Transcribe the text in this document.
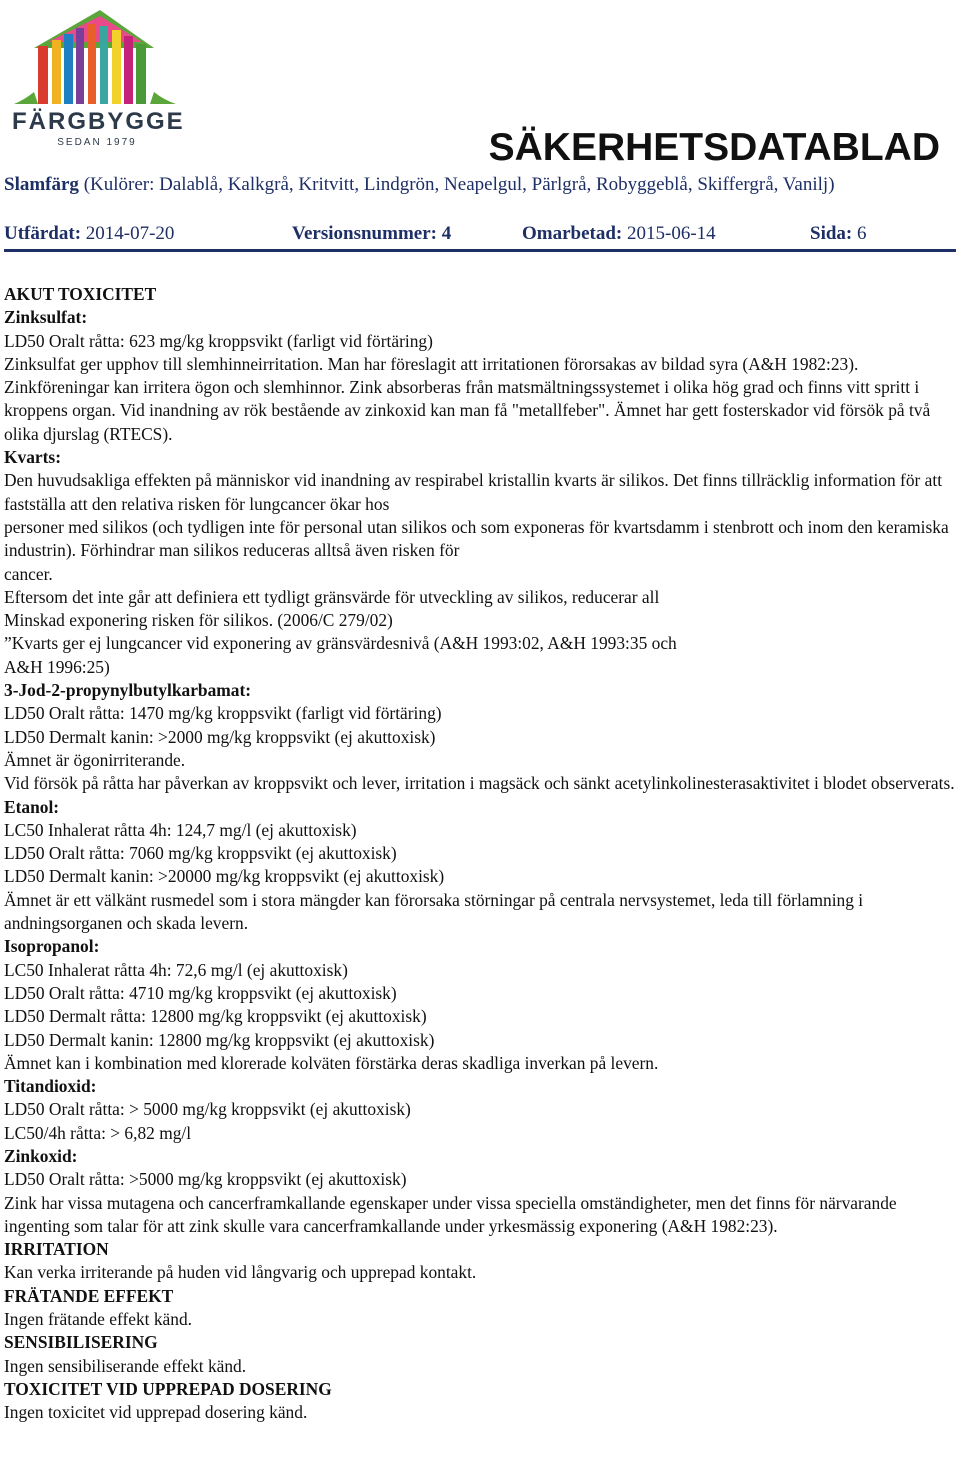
FÄRGBYGGE
SEDAN 1979	SÄKERHETSDATABLAD
Slamfärg (Kulörer: Dalablå, Kalkgrå, Kritvitt, Lindgrön, Neapelgul, Pärlgrå, Robyggeblå, Skiffergrå, Vanilj)
Utfärdat: 2014-07-20	Versionsnummer: 4	Omarbetad: 2015-06-14	Sida: 6

AKUT TOXICITET

Zinksulfat:

LD50 Oralt råtta: 623 mg/kg kroppsvikt (farligt vid förtäring)

Zinksulfat ger upphov till slemhinneirritation. Man har föreslagit att irritationen förorsakas av bildad syra (A&H 1982:23). Zinkföreningar kan irritera ögon och slemhinnor. Zink absorberas från matsmältningssystemet i olika hög grad och finns vitt spritt i kroppens organ. Vid inandning av rök bestående av zinkoxid kan man få "metallfeber". Ämnet har gett fosterskador vid försök på två olika djurslag (RTECS).

Kvarts:

Den huvudsakliga effekten på människor vid inandning av respirabel kristallin kvarts är silikos. Det finns tillräcklig information för att fastställa att den relativa risken för lungcancer ökar hos

personer med silikos (och tydligen inte för personal utan silikos och som exponeras för kvartsdamm i stenbrott och inom den keramiska industrin). Förhindrar man silikos reduceras alltså även risken för

cancer.

Eftersom det inte går att definiera ett tydligt gränsvärde för utveckling av silikos, reducerar all

Minskad exponering risken för silikos. (2006/C 279/02)

”Kvarts ger ej lungcancer vid exponering av gränsvärdesnivå (A&H 1993:02, A&H 1993:35 och

A&H 1996:25)

3-Jod-2-propynylbutylkarbamat:

LD50 Oralt råtta: 1470 mg/kg kroppsvikt (farligt vid förtäring)

LD50 Dermalt kanin: >2000 mg/kg kroppsvikt (ej akuttoxisk)

Ämnet är ögonirriterande.

Vid försök på råtta har påverkan av kroppsvikt och lever, irritation i magsäck och sänkt acetylinkolinesterasaktivitet i blodet observerats.

Etanol:

LC50 Inhalerat råtta 4h: 124,7 mg/l (ej akuttoxisk)

LD50 Oralt råtta: 7060 mg/kg kroppsvikt (ej akuttoxisk)

LD50 Dermalt kanin: >20000 mg/kg kroppsvikt (ej akuttoxisk)

Ämnet är ett välkänt rusmedel som i stora mängder kan förorsaka störningar på centrala nervsystemet, leda till förlamning i andningsorganen och skada levern.

Isopropanol:

LC50 Inhalerat råtta 4h: 72,6 mg/l (ej akuttoxisk)

LD50 Oralt råtta: 4710 mg/kg kroppsvikt (ej akuttoxisk)

LD50 Dermalt råtta: 12800 mg/kg kroppsvikt (ej akuttoxisk)

LD50 Dermalt kanin: 12800 mg/kg kroppsvikt (ej akuttoxisk)

Ämnet kan i kombination med klorerade kolväten förstärka deras skadliga inverkan på levern.

Titandioxid:

LD50 Oralt råtta: > 5000 mg/kg kroppsvikt (ej akuttoxisk)

LC50/4h råtta: > 6,82 mg/l

Zinkoxid:

LD50 Oralt råtta: >5000 mg/kg kroppsvikt (ej akuttoxisk)

Zink har vissa mutagena och cancerframkallande egenskaper under vissa speciella omständigheter, men det finns för närvarande ingenting som talar för att zink skulle vara cancerframkallande under yrkesmässig exponering (A&H 1982:23).

IRRITATION

Kan verka irriterande på huden vid långvarig och upprepad kontakt.

FRÄTANDE EFFEKT

Ingen frätande effekt känd.

SENSIBILISERING

Ingen sensibiliserande effekt känd.

TOXICITET VID UPPREPAD DOSERING

Ingen toxicitet vid upprepad dosering känd.
